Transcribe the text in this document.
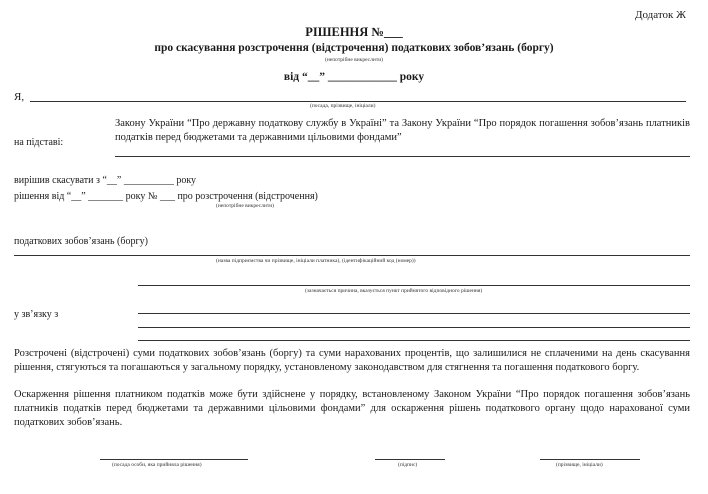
Додаток Ж
РІШЕННЯ №___
про скасування розстрочення (відстрочення) податкових зобов’язань (боргу)
(непотрібне викреслити)
від “__” ____________ року
Я,
(посада, прізвище, ініціали)
Закону України “Про державну податкову службу в Україні” та Закону України “Про порядок погашення зобов’язань платників податків перед бюджетами та державними цільовими фондами”
на підставі:
вирішив скасувати з “__” __________ року
рішення від “__” _______ року № ___ про розстрочення (відстрочення)
(непотрібне викреслити)
податкових зобов’язань (боргу)
(назва підприємства чи прізвище, ініціали платника), (ідентифікаційний код (номер))
(зазначається причина, вказується пункт прийнятого відповідного рішення)
у зв’язку з
Розстрочені (відстрочені) суми податкових зобов’язань (боргу) та суми нарахованих процентів, що залишилися не сплаченими на день скасування рішення, стягуються та погашаються у загальному порядку, установленому законодавством для стягнення та погашення податкового боргу.
Оскарження рішення платником податків може бути здійснене у порядку, встановленому Законом України “Про порядок погашення зобов’язань платників податків перед бюджетами та державними цільовими фондами” для оскарження рішень податкового органу щодо нарахованої суми податкових зобов’язань.
(посада особи, яка прийняла рішення)	(підпис)	(прізвище, ініціали)
